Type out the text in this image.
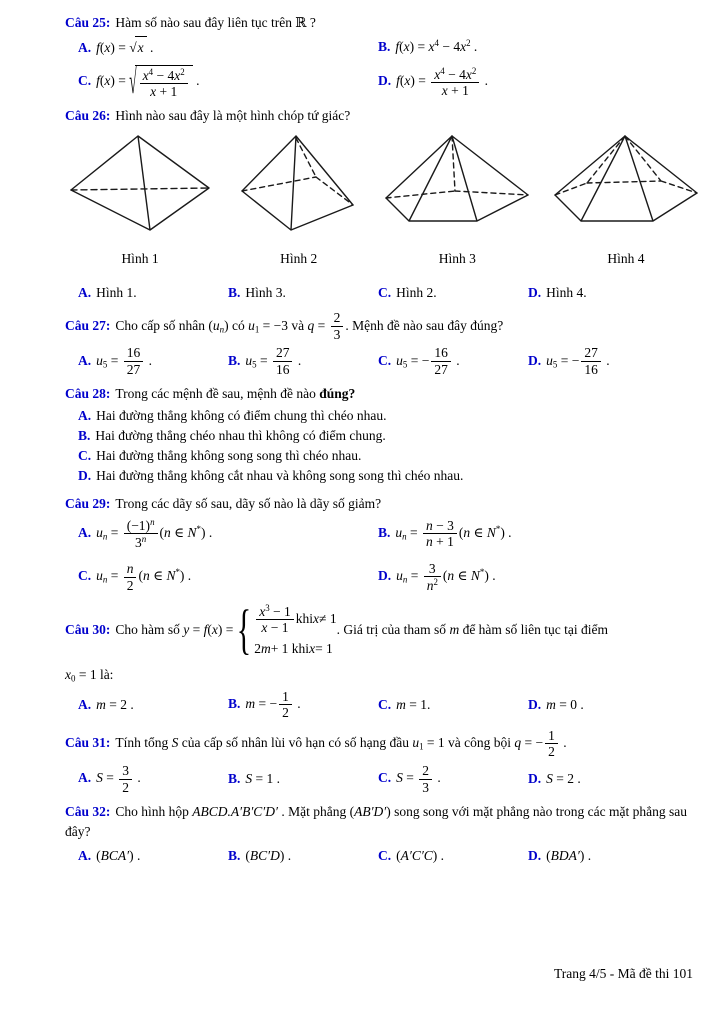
Câu 25: Hàm số nào sau đây liên tục trên ℝ ?
A. f(x) = √ x .	B. $f(x) = x^4 - 4x^2$ .
C. f(x) = √ $\frac{x^4 - 4x^2}{x + 1}$ .	D. $f(x) = \frac{x^4 - 4x^2}{x + 1}$ .
Câu 26: Hình nào sau đây là một hình chóp tứ giác?
Hình 1	Hình 2	Hình 3	Hình 4
A. Hình 1.	B. Hình 3.	C. Hình 2.	D. Hình 4.
Câu 27: Cho cấp số nhân (un) có u1 = −3 và $q = \frac{2}{3}$ . Mệnh đề nào sau đây đúng?
A. $u5 = \frac{16}{27}$ .	B. $u5 = \frac{27}{16}$ .	C. u5 = − $\frac{16}{27}$ .	D. u5 = − $\frac{27}{16}$ .
Câu 28: Trong các mệnh đề sau, mệnh đề nào đúng?
A. Hai đường thẳng không có điểm chung thì chéo nhau.
B. Hai đường thẳng chéo nhau thì không có điểm chung.
C. Hai đường thẳng không song song thì chéo nhau.
D. Hai đường thẳng không cắt nhau và không song song thì chéo nhau.
Câu 29: Trong các dãy số sau, dãy số nào là dãy số giảm?
A. un = $\frac{(-1)^n}{3^n} (n$ ∈ N*) .	B. un = $\frac{n - 3}{n + 1} (n$ ∈ N*) .
C. un = $\frac{n}{2} (n$ ∈ N*) .	D. un = $\frac{3}{n^2} (n$ ∈ N*) .
Câu 30: Cho hàm số y = f(x) = { $\frac{x^3 - 1}{x - 1}$ khi x ≠ 1
2 m + 1 khi x = 1
. Giá trị của tham số m để hàm số liên tục tại điểm
x0 = 1 là:
A. m = 2 .	B. m = − $\frac{1}{2}$ .	C. m = 1.	D. m = 0 .
Câu 31: Tính tổng S của cấp số nhân lùi vô hạn có số hạng đầu u1 = 1 và công bội q = − $\frac{1}{2}$ .
A. $S = \frac{3}{2}$ .	B. S = 1 .	C. $S = \frac{2}{3}$ .	D. S = 2 .
Câu 32: Cho hình hộp ABCD.A′B′C′D′ . Mặt phẳng (AB′D′) song song với mặt phẳng nào trong các mặt phẳng sau đây?
A. (BCA′) .	B. (BC′D) .	C. (A′C′C) .	D. (BDA′) .
Trang 4/5 - Mã đề thi 101
